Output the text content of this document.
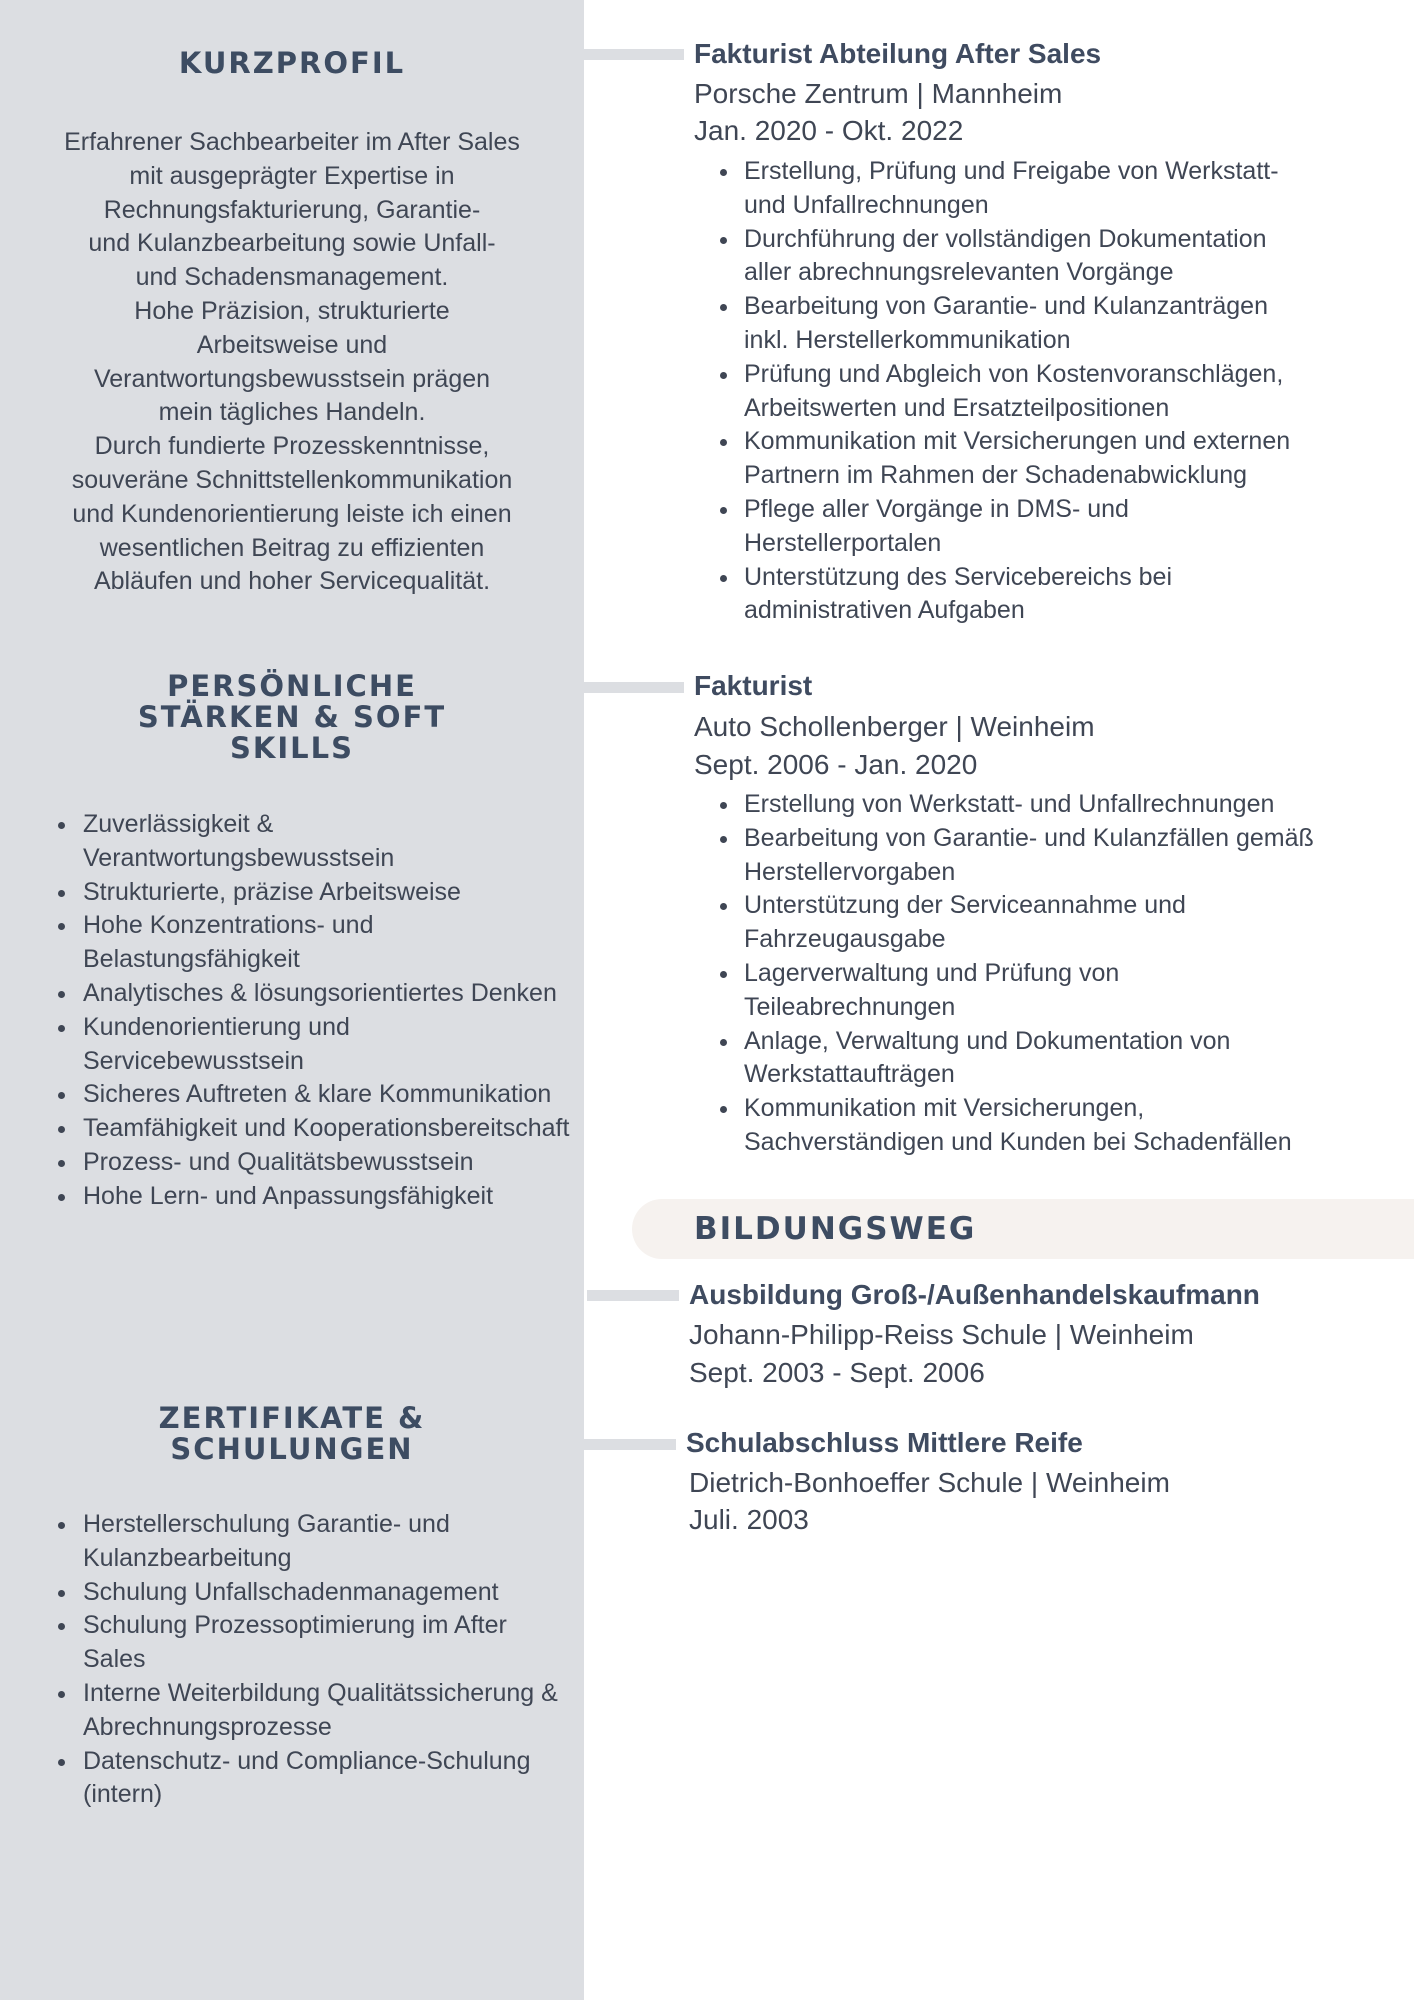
KURZPROFIL
Erfahrener Sachbearbeiter im After Sales
mit ausgeprägter Expertise in
Rechnungsfakturierung, Garantie-
und Kulanzbearbeitung sowie Unfall-
und Schadensmanagement.
Hohe Präzision, strukturierte
Arbeitsweise und
Verantwortungsbewusstsein prägen
mein tägliches Handeln.
Durch fundierte Prozesskenntnisse,
souveräne Schnittstellenkommunikation
und Kundenorientierung leiste ich einen
wesentlichen Beitrag zu effizienten
Abläufen und hoher Servicequalität.
PERSÖNLICHE
STÄRKEN & SOFT
SKILLS
Zuverlässigkeit & Verantwortungsbewusstsein
Strukturierte, präzise Arbeitsweise
Hohe Konzentrations- und Belastungsfähigkeit
Analytisches & lösungsorientiertes Denken
Kundenorientierung und Servicebewusstsein
Sicheres Auftreten & klare Kommunikation
Teamfähigkeit und Kooperationsbereitschaft
Prozess- und Qualitätsbewusstsein
Hohe Lern- und Anpassungsfähigkeit
ZERTIFIKATE &
SCHULUNGEN
Herstellerschulung Garantie- und Kulanzbearbeitung
Schulung Unfallschadenmanagement
Schulung Prozessoptimierung im After Sales
Interne Weiterbildung Qualitätssicherung & Abrechnungsprozesse
Datenschutz- und Compliance-Schulung (intern)
Fakturist Abteilung After Sales
Porsche Zentrum | Mannheim
Jan. 2020 - Okt. 2022
Erstellung, Prüfung und Freigabe von Werkstatt-
und Unfallrechnungen
Durchführung der vollständigen Dokumentation
aller abrechnungsrelevanten Vorgänge
Bearbeitung von Garantie- und Kulanzanträgen
inkl. Herstellerkommunikation
Prüfung und Abgleich von Kostenvoranschlägen,
Arbeitswerten und Ersatzteilpositionen
Kommunikation mit Versicherungen und externen
Partnern im Rahmen der Schadenabwicklung
Pflege aller Vorgänge in DMS- und
Herstellerportalen
Unterstützung des Servicebereichs bei
administrativen Aufgaben
Fakturist
Auto Schollenberger | Weinheim
Sept. 2006 - Jan. 2020
Erstellung von Werkstatt- und Unfallrechnungen
Bearbeitung von Garantie- und Kulanzfällen gemäß
Herstellervorgaben
Unterstützung der Serviceannahme und
Fahrzeugausgabe
Lagerverwaltung und Prüfung von
Teileabrechnungen
Anlage, Verwaltung und Dokumentation von
Werkstattaufträgen
Kommunikation mit Versicherungen,
Sachverständigen und Kunden bei Schadenfällen
BILDUNGSWEG
Ausbildung Groß-/Außenhandelskaufmann
Johann-Philipp-Reiss Schule | Weinheim
Sept. 2003 - Sept. 2006
Schulabschluss Mittlere Reife
Dietrich-Bonhoeffer Schule | Weinheim
Juli. 2003
